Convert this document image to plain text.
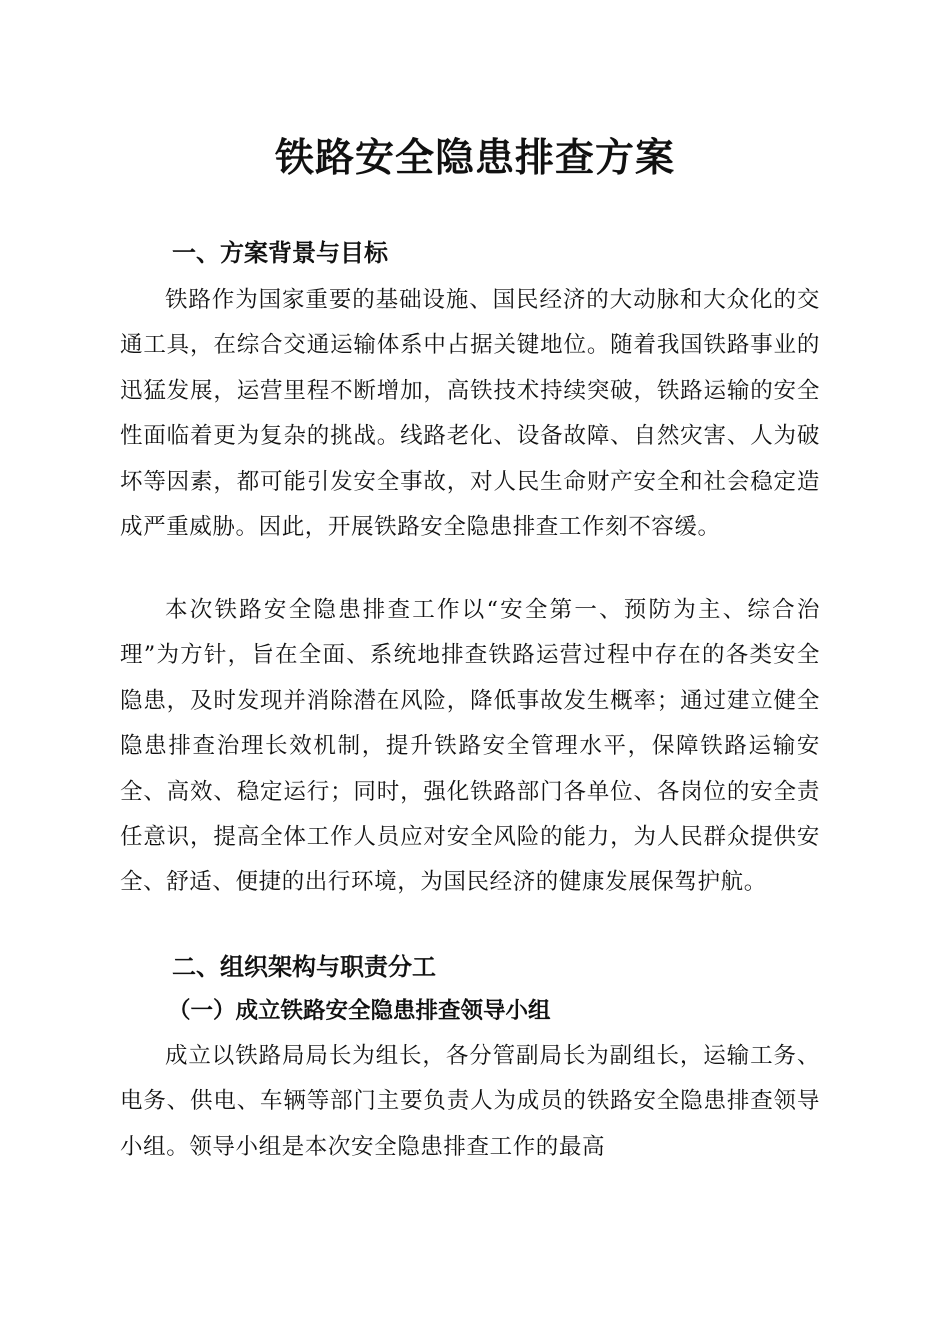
铁路安全隐患排查方案
一、方案背景与目标

铁路作为国家重要的基础设施、国民经济的大动脉和大众化的交通工具，在综合交通运输体系中占据关键地位。随着我国铁路事业的迅猛发展，运营里程不断增加，高铁技术持续突破，铁路运输的安全性面临着更为复杂的挑战。线路老化、设备故障、自然灾害、人为破坏等因素，都可能引发安全事故，对人民生命财产安全和社会稳定造成严重威胁。因此，开展铁路安全隐患排查工作刻不容缓。

本次铁路安全隐患排查工作以“安全第一、预防为主、综合治理”为方针，旨在全面、系统地排查铁路运营过程中存在的各类安全隐患，及时发现并消除潜在风险，降低事故发生概率；通过建立健全隐患排查治理长效机制，提升铁路安全管理水平，保障铁路运输安全、高效、稳定运行；同时，强化铁路部门各单位、各岗位的安全责任意识，提高全体工作人员应对安全风险的能力，为人民群众提供安全、舒适、便捷的出行环境，为国民经济的健康发展保驾护航。

二、组织架构与职责分工
（一）成立铁路安全隐患排查领导小组

成立以铁路局局长为组长，各分管副局长为副组长，运输工务、电务、供电、车辆等部门主要负责人为成员的铁路安全隐患排查领导小组。领导小组是本次安全隐患排查工作的最高
